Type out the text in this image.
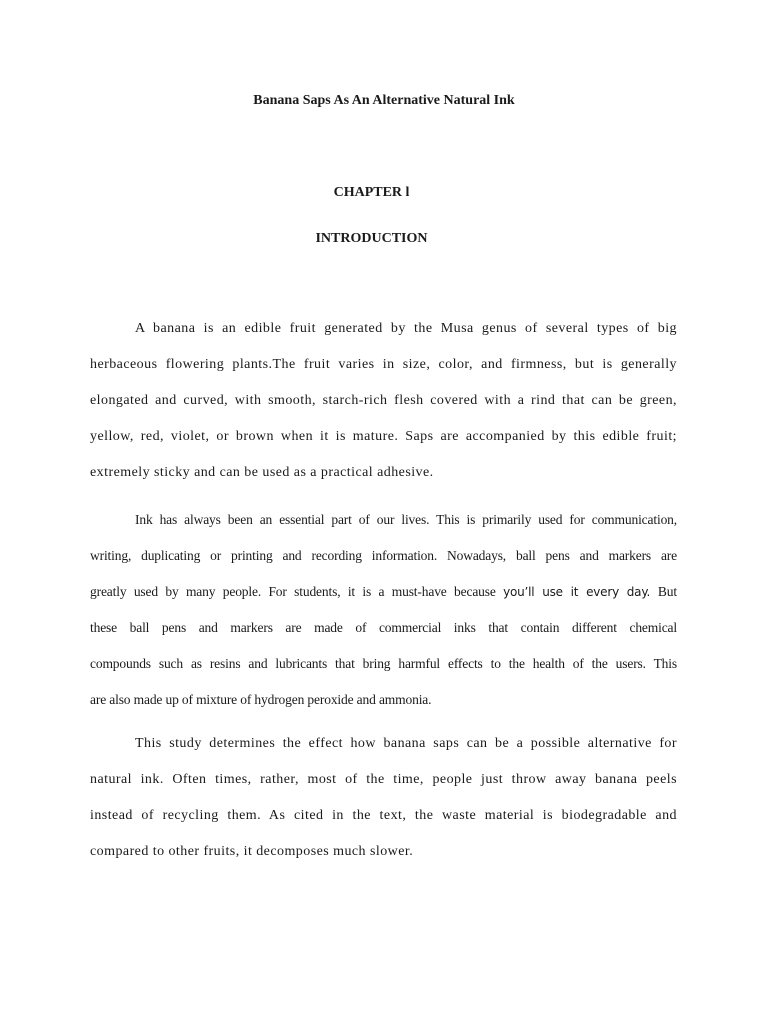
Banana Saps As An Alternative Natural Ink
CHAPTER l
INTRODUCTION
A banana is an edible fruit generated by the Musa genus of several types of big
herbaceous flowering plants.The fruit varies in size, color, and firmness, but is generally
elongated and curved, with smooth, starch-rich flesh covered with a rind that can be green,
yellow, red, violet, or brown when it is mature. Saps are accompanied by this edible fruit;
extremely sticky and can be used as a practical adhesive.
Ink has always been an essential part of our lives. This is primarily used for communication,
writing, duplicating or printing and recording information. Nowadays, ball pens and markers are
greatly used by many people. For students, it is a must-have because you’ll use it every day. But
these ball pens and markers are made of commercial inks that contain different chemical
compounds such as resins and lubricants that bring harmful effects to the health of the users. This
are also made up of mixture of hydrogen peroxide and ammonia.
This study determines the effect how banana saps can be a possible alternative for
natural ink. Often times, rather, most of the time, people just throw away banana peels
instead of recycling them. As cited in the text, the waste material is biodegradable and
compared to other fruits, it decomposes much slower.
